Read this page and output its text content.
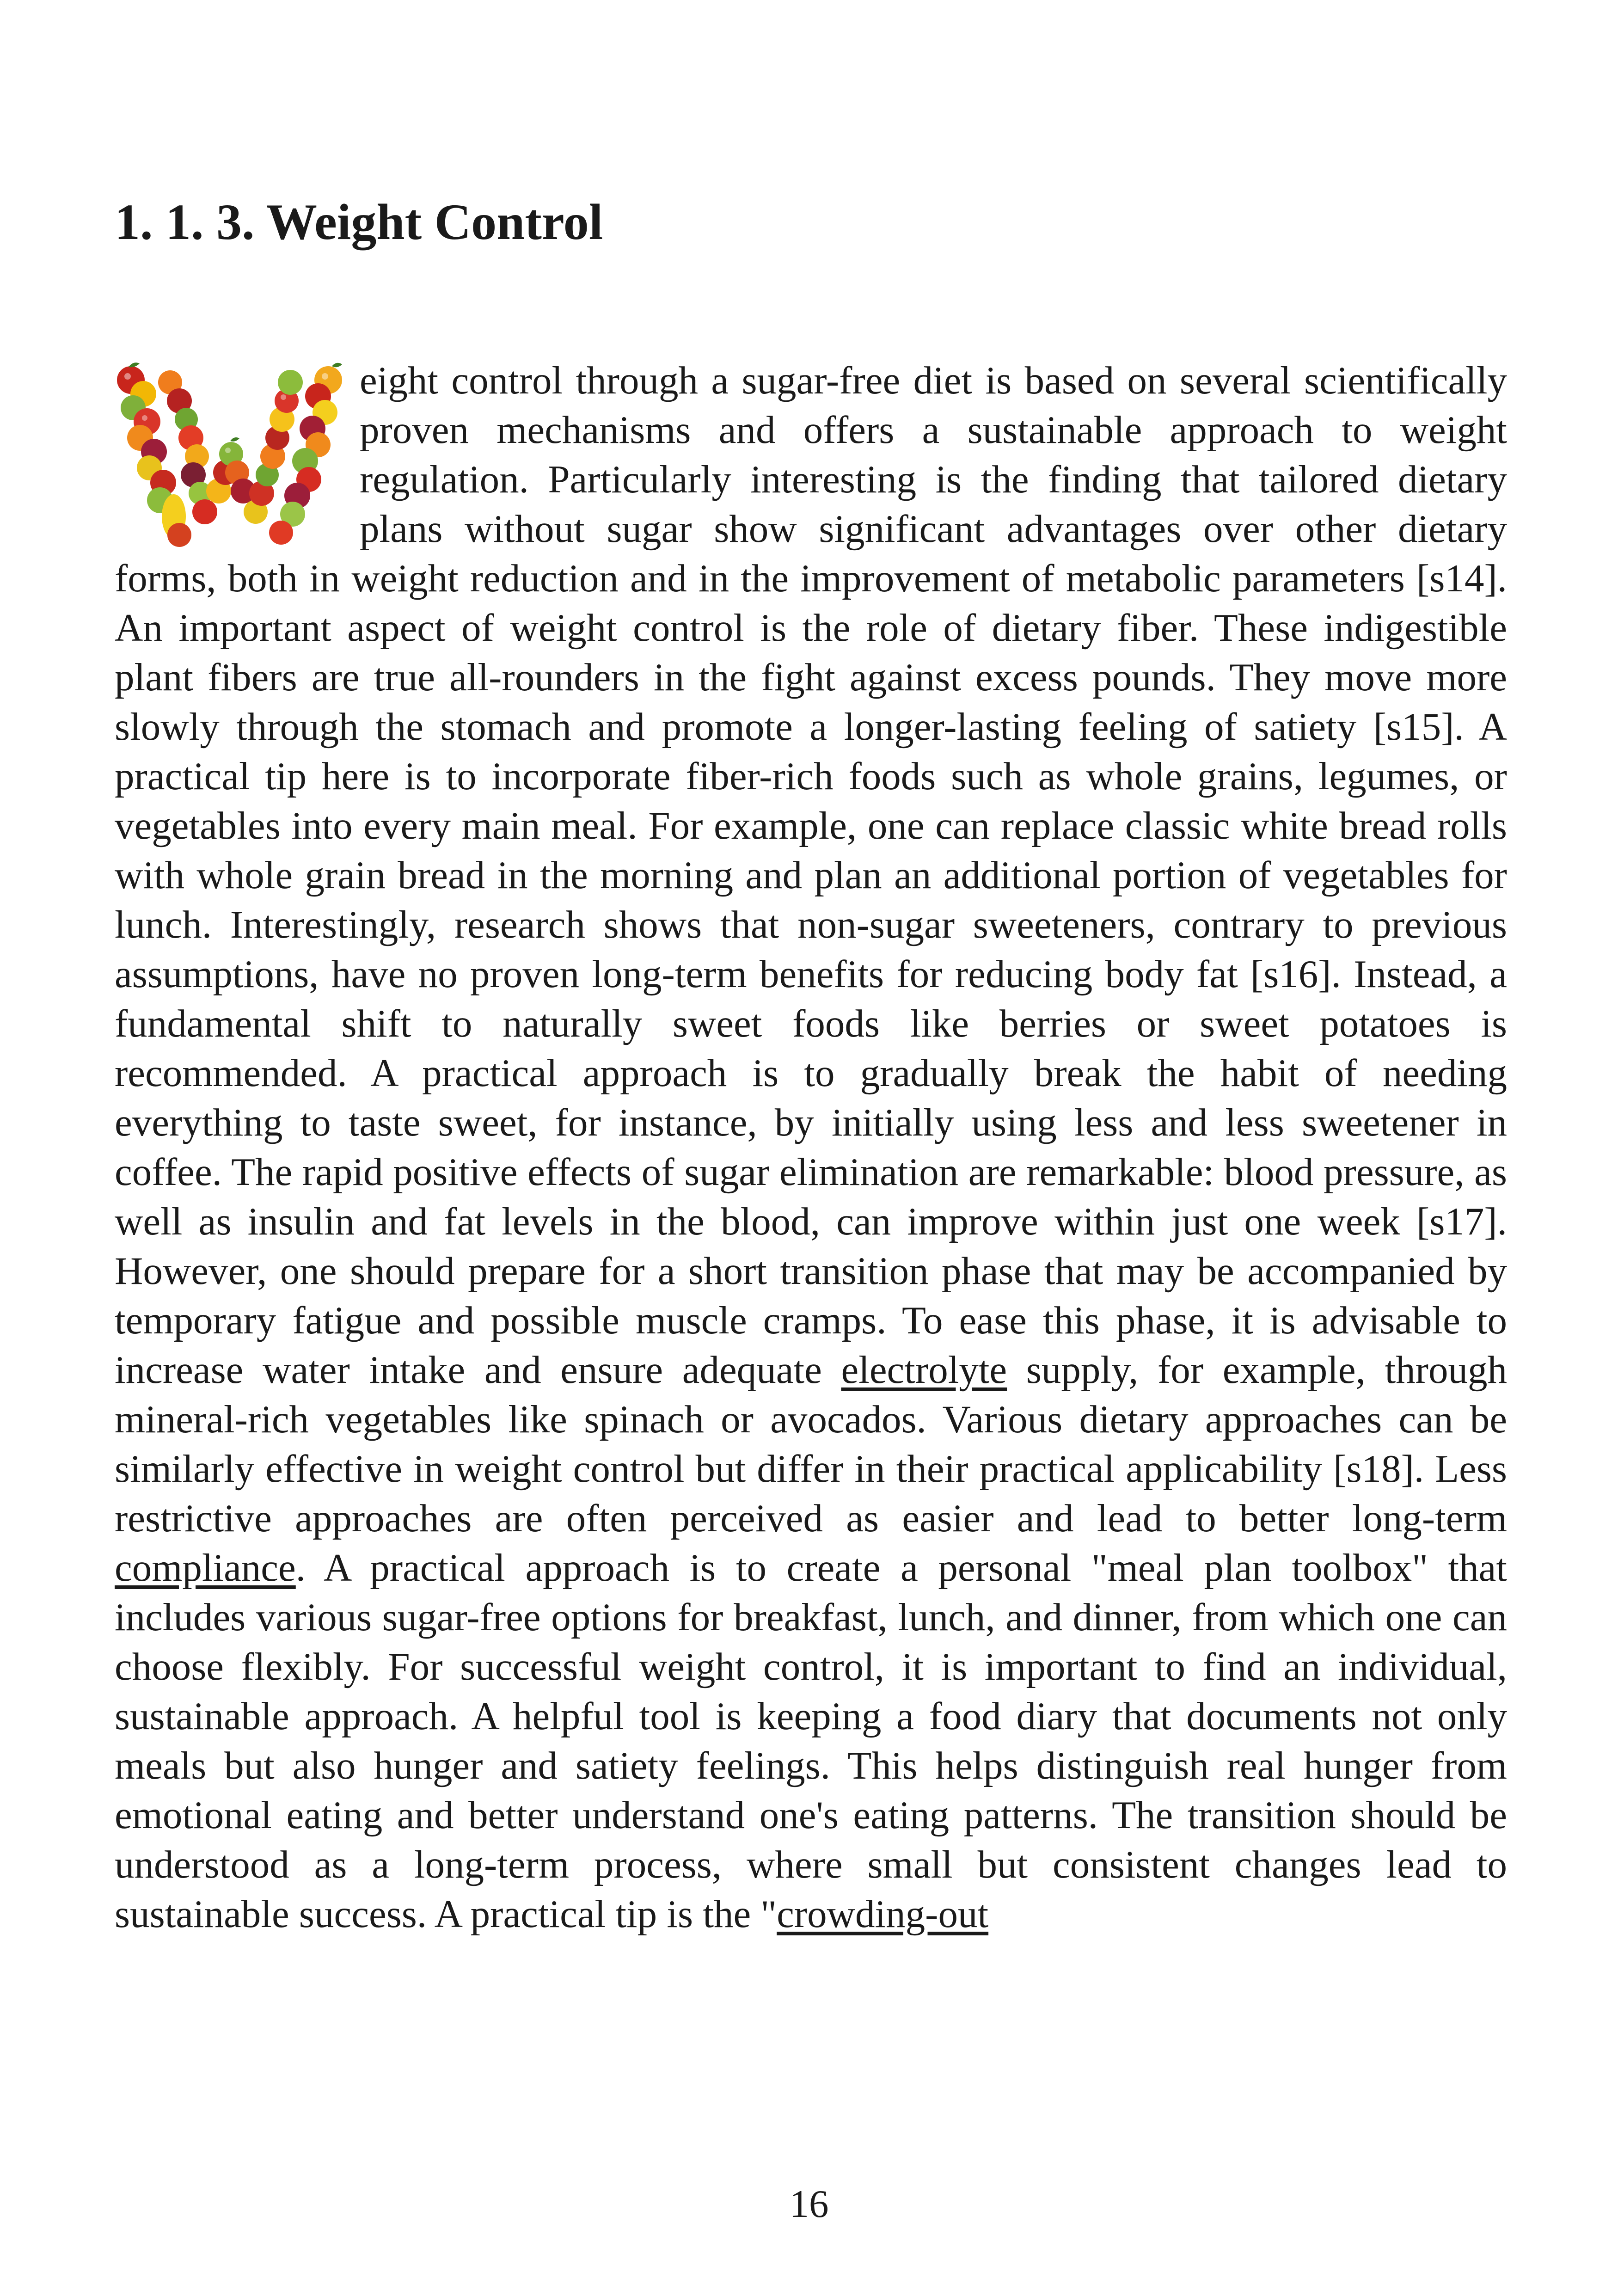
1. 1. 3. Weight Control

eight control through a sugar-free diet is based on several scientifically proven mechanisms and offers a sustainable approach to weight regulation. Particularly interesting is the finding that tailored dietary plans without sugar show significant advantages over other dietary forms, both in weight reduction and in the improvement of metabolic parameters [s14]. An important aspect of weight control is the role of dietary fiber. These indigestible plant fibers are true all-rounders in the fight against excess pounds. They move more slowly through the stomach and promote a longer-lasting feeling of satiety [s15]. A practical tip here is to incorporate fiber-rich foods such as whole grains, legumes, or vegetables into every main meal. For example, one can replace classic white bread rolls with whole grain bread in the morning and plan an additional portion of vegetables for lunch. Interestingly, research shows that non-sugar sweeteners, contrary to previous assumptions, have no proven long-term benefits for reducing body fat [s16]. Instead, a fundamental shift to naturally sweet foods like berries or sweet potatoes is recommended. A practical approach is to gradually break the habit of needing everything to taste sweet, for instance, by initially using less and less sweetener in coffee. The rapid positive effects of sugar elimination are remarkable: blood pressure, as well as insulin and fat levels in the blood, can improve within just one week [s17]. However, one should prepare for a short transition phase that may be accompanied by temporary fatigue and possible muscle cramps. To ease this phase, it is advisable to increase water intake and ensure adequate electrolyte supply, for example, through mineral-rich vegetables like spinach or avocados. Various dietary approaches can be similarly effective in weight control but differ in their practical applicability [s18]. Less restrictive approaches are often perceived as easier and lead to better long-term compliance. A practical approach is to create a personal "meal plan toolbox" that includes various sugar-free options for breakfast, lunch, and dinner, from which one can choose flexibly. For successful weight control, it is important to find an individual, sustainable approach. A helpful tool is keeping a food diary that documents not only meals but also hunger and satiety feelings. This helps distinguish real hunger from emotional eating and better understand one's eating patterns. The transition should be understood as a long-term process, where small but consistent changes lead to sustainable success. A practical tip is the "crowding-out

16
